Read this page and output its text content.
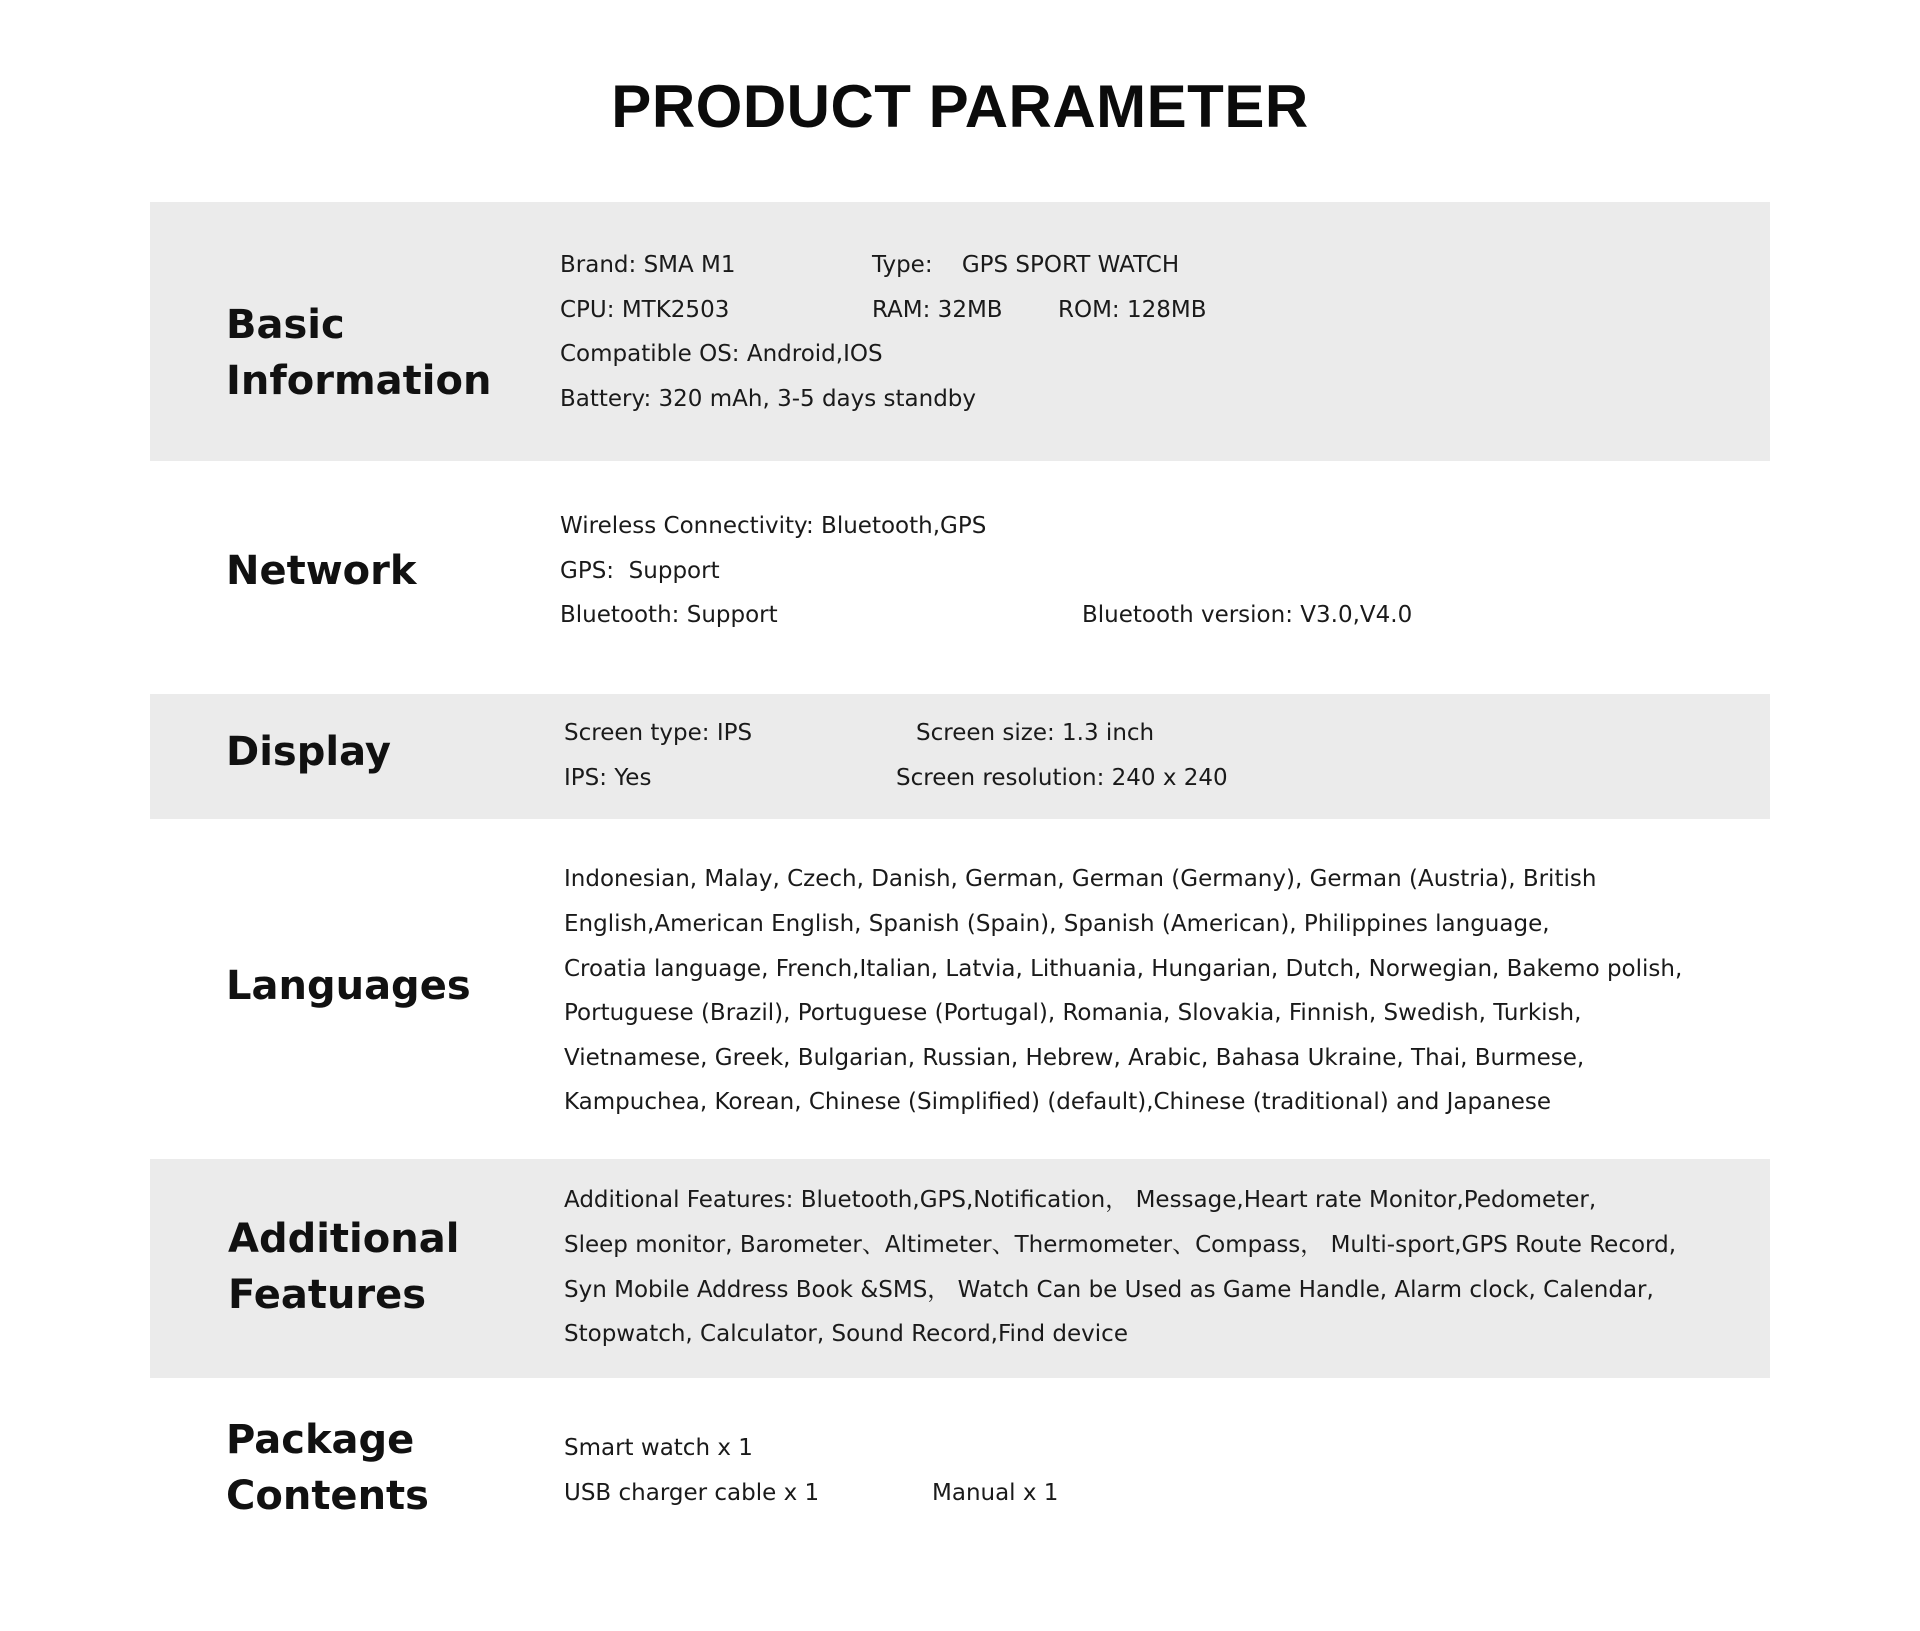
PRODUCT PARAMETER
Basic
Information
Brand: SMA M1	Type:    GPS SPORT WATCH
CPU: MTK2503	RAM: 32MB ROM: 128MB
Compatible OS: Android,IOS
Battery: 320 mAh, 3-5 days standby
Network
Wireless Connectivity: Bluetooth,GPS
GPS:  Support
Bluetooth: Support	Bluetooth version: V3.0,V4.0
Display	Screen type: IPS	Screen size: 1.3 inch
IPS: Yes	Screen resolution: 240 x 240
Languages
Indonesian, Malay, Czech, Danish, German, German (Germany), German (Austria), British
English,American English, Spanish (Spain), Spanish (American), Philippines language,
Croatia language, French,Italian, Latvia, Lithuania, Hungarian, Dutch, Norwegian, Bakemo polish,
Portuguese (Brazil), Portuguese (Portugal), Romania, Slovakia, Finnish, Swedish, Turkish,
Vietnamese, Greek, Bulgarian, Russian, Hebrew, Arabic, Bahasa Ukraine, Thai, Burmese,
Kampuchea, Korean, Chinese (Simplified) (default),Chinese (traditional) and Japanese
Additional
Features
Additional Features: Bluetooth,GPS,Notification， Message,Heart rate Monitor,Pedometer,
Sleep monitor, Barometer、Altimeter、Thermometer、Compass， Multi-sport,GPS Route Record,
Syn Mobile Address Book &SMS， Watch Can be Used as Game Handle, Alarm clock, Calendar,
Stopwatch, Calculator, Sound Record,Find device
Package
Contents
Smart watch x 1
USB charger cable x 1	Manual x 1
